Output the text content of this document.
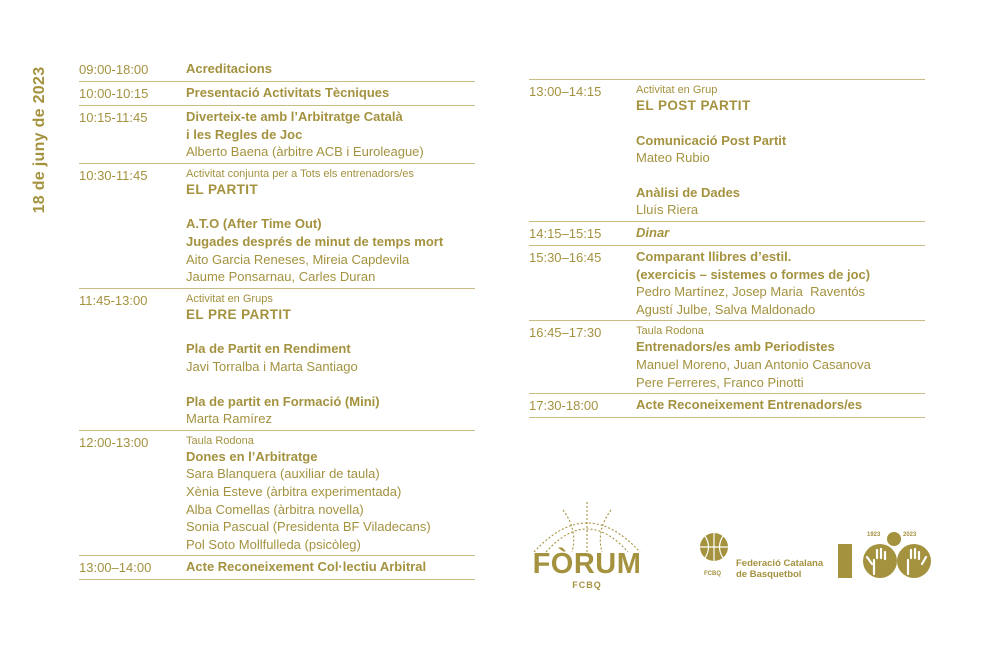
18 de juny de 2023 09:00-18:00	Acreditacions
10:00-10:15	Presentació Activitats Tècniques
10:15-11:45	Diverteix-te amb l’Arbitratge Català
i les Regles de Joc
Alberto Baena (àrbitre ACB i Euroleague)
10:30-11:45	Activitat conjunta per a Tots els entrenadors/es
EL PARTIT
A.T.O (After Time Out)
Jugades després de minut de temps mort
Aito Garcia Reneses, Mireia Capdevila
Jaume Ponsarnau, Carles Duran
11:45-13:00	Activitat en Grups
EL PRE PARTIT
Pla de Partit en Rendiment
Javi Torralba i Marta Santiago
Pla de partit en Formació (Mini)
Marta Ramírez
12:00-13:00	Taula Rodona
Dones en l’Arbitratge
Sara Blanquera (auxiliar de taula)
Xènia Esteve (àrbitra experimentada)
Alba Comellas (àrbitra novella)
Sonia Pascual (Presidenta BF Viladecans)
Pol Soto Mollfulleda (psicòleg)
13:00–14:00	Acte Reconeixement Col·lectiu Arbitral
13:00–14:15	Activitat en Grup
EL POST PARTIT
Comunicació Post Partit
Mateo Rubio
Anàlisi de Dades
Lluís Riera
14:15–15:15	Dinar
15:30–16:45	Comparant llibres d’estil.
(exercicis – sistemes o formes de joc)
Pedro Martínez, Josep Maria  Raventós
Agustí Julbe, Salva Maldonado
16:45–17:30	Taula Rodona
Entrenadors/es amb Periodistes
Manuel Moreno, Juan Antonio Casanova
Pere Ferreres, Franco Pinotti
17:30-18:00	Acte Reconeixement Entrenadors/es
FÒRUM
FCBQ
FCBQ
Federació Catalana
de Basquetbol
1923	2023
